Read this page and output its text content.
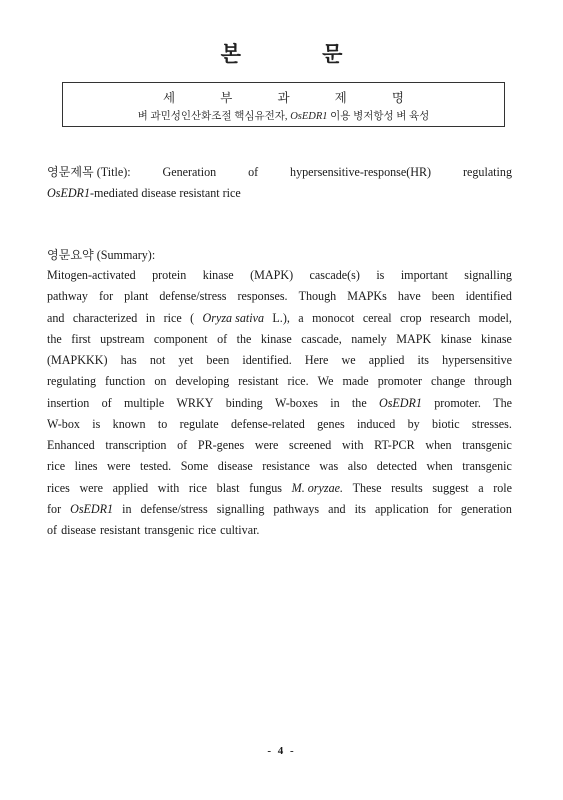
본 문
세 부 과 제 명
벼 과민성인산화조절 핵심유전자, OsEDR1 이용 병저항성 벼 육성
영문제목 (Title):	Generation	of	hypersensitive-response(HR)	regulating
OsEDR1-mediated disease resistant rice
영문요약 (Summary):
Mitogen-activated protein kinase (MAPK) cascade(s) is important signalling
pathway for plant defense/stress responses. Though MAPKs have been identified
and characterized in rice ( Oryza sativa L.), a monocot cereal crop research model,
the first upstream component of the kinase cascade, namely MAPK kinase kinase
(MAPKKK) has not yet been identified. Here we applied its hypersensitive
regulating function on developing resistant rice. We made promoter change through
insertion of multiple WRKY binding W-boxes in the OsEDR1 promoter. The
W-box is known to regulate defense-related genes induced by biotic stresses.
Enhanced transcription of PR-genes were screened with RT-PCR when transgenic
rice lines were tested. Some disease resistance was also detected when transgenic
rices were applied with rice blast fungus M. oryzae. These results suggest a role
for OsEDR1 in defense/stress signalling pathways and its application for generation
of disease resistant transgenic rice cultivar.
- 4 -
